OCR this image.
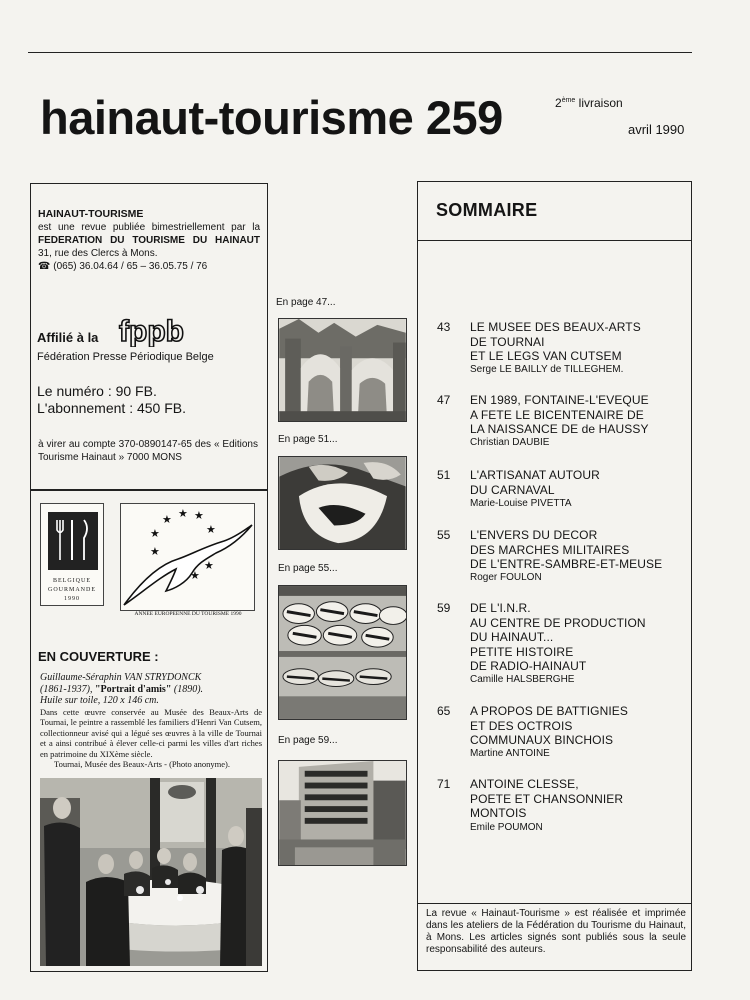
hainaut-tourisme 259	2ème livraison
avril 1990
HAINAUT-TOURISME
est une revue publiée bimestriellement par la
FEDERATION DU TOURISME DU HAINAUT
31, rue des Clercs à Mons.
☎ (065) 36.04.64 / 65 – 36.05.75 / 76
Affilié à la fppb
Fédération Presse Périodique Belge
Le numéro : 90 FB.
L'abonnement : 450 FB.
à virer au compte 370-0890147-65 des « Editions Tourisme Hainaut » 7000 MONS
BELGIQUE
GOURMANDE
1990
★ ★ ★
★	★
★
★
★
ANNEE EUROPEENNE DU TOURISME 1990
EN COUVERTURE :
Guillaume-Séraphin VAN STRYDONCK
(1861-1937), "Portrait d'amis" (1890).
Huile sur toile, 120 x 146 cm.
Dans cette œuvre conservée au Musée des Beaux-Arts de Tournai, le peintre a rassemblé les familiers d'Henri Van Cutsem, collectionneur avisé qui a légué ses œuvres à la ville de Tournai et a ainsi contribué à élever celle-ci parmi les villes d'art riches en patrimoine du XIXème siècle.
Tournai, Musée des Beaux-Arts - (Photo anonyme).
En page 47...
En page 51...
En page 55...
En page 59...
SOMMAIRE
43 LE MUSEE DES BEAUX-ARTS
DE TOURNAI
ET LE LEGS VAN CUTSEM
Serge LE BAILLY de TILLEGHEM.
47 EN 1989, FONTAINE-L'EVEQUE
A FETE LE BICENTENAIRE DE
LA NAISSANCE DE de HAUSSY
Christian DAUBIE
51 L'ARTISANAT AUTOUR
DU CARNAVAL
Marie-Louise PIVETTA
55 L'ENVERS DU DECOR
DES MARCHES MILITAIRES
DE L'ENTRE-SAMBRE-ET-MEUSE
Roger FOULON
59 DE L'I.N.R.
AU CENTRE DE PRODUCTION
DU HAINAUT...
PETITE HISTOIRE
DE RADIO-HAINAUT
Camille HALSBERGHE
65 A PROPOS DE BATTIGNIES
ET DES OCTROIS
COMMUNAUX BINCHOIS
Martine ANTOINE
71 ANTOINE CLESSE,
POETE ET CHANSONNIER
MONTOIS
Emile POUMON
La revue « Hainaut-Tourisme » est réalisée et imprimée dans les ateliers de la Fédération du Tourisme du Hainaut, à Mons. Les articles signés sont publiés sous la seule responsabilité des auteurs.
